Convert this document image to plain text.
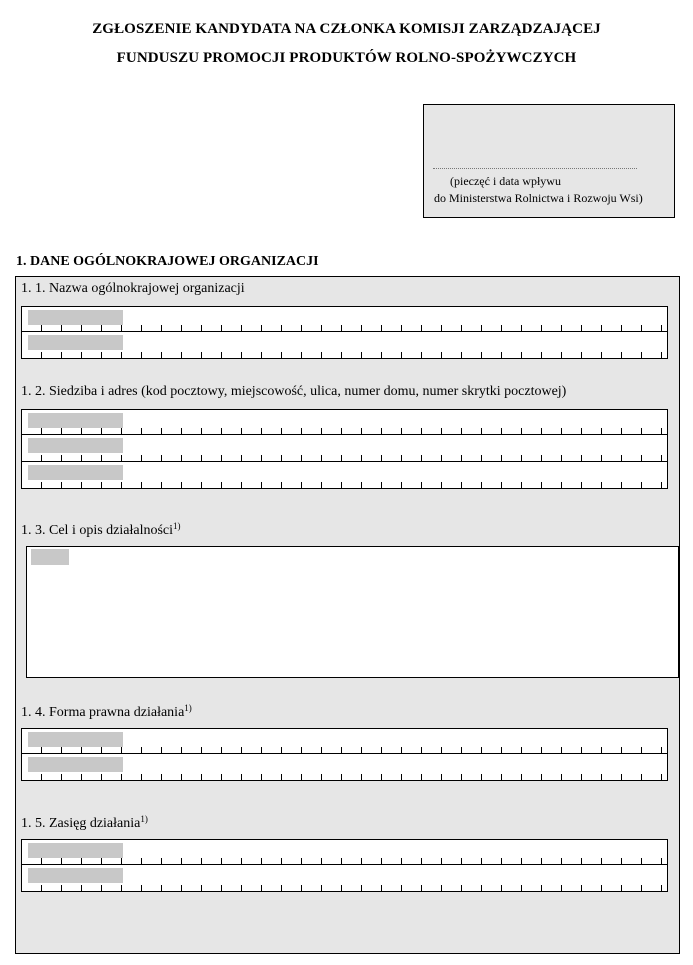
ZGŁOSZENIE KANDYDATA NA CZŁONKA KOMISJI ZARZĄDZAJĄCEJ
FUNDUSZU PROMOCJI PRODUKTÓW ROLNO-SPOŻYWCZYCH
(pieczęć i data wpływu
do Ministerstwa Rolnictwa i Rozwoju Wsi)
1. DANE OGÓLNOKRAJOWEJ ORGANIZACJI
1. 1. Nazwa ogólnokrajowej organizacji
1. 2. Siedziba i adres (kod pocztowy, miejscowość, ulica, numer domu, numer skrytki pocztowej)
1. 3. Cel i opis działalności$^{1)}$
1. 4. Forma prawna działania$^{1)}$
1. 5. Zasięg działania$^{1)}$
